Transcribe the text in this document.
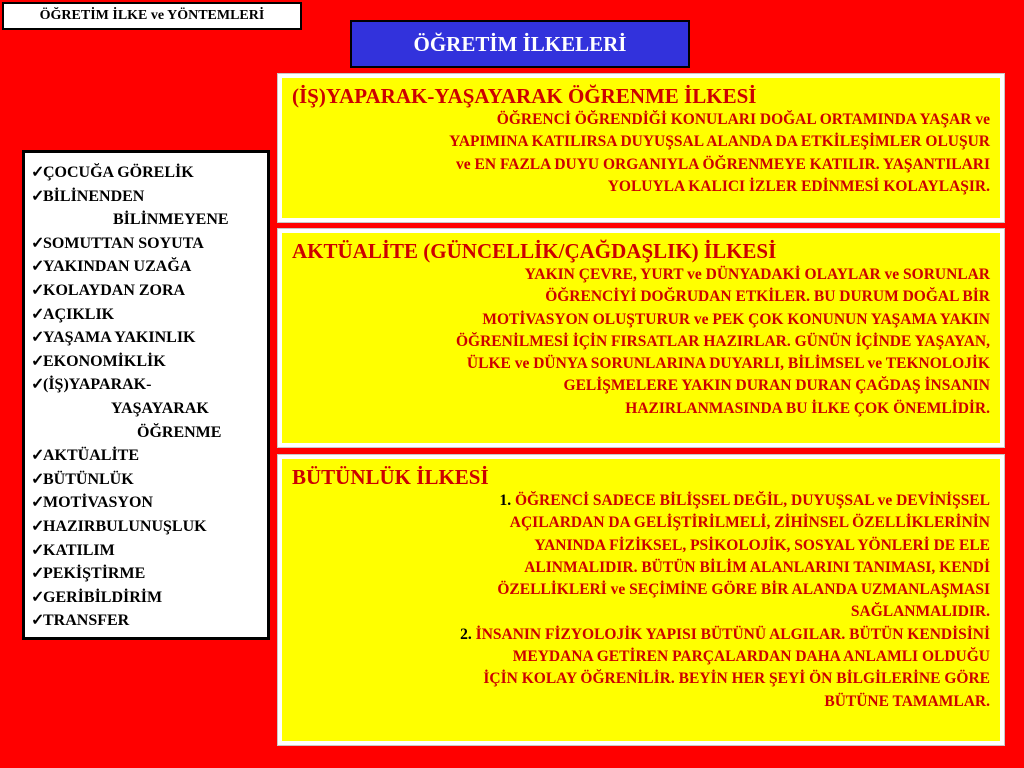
ÖĞRETİM İLKE ve YÖNTEMLERİ
ÖĞRETİM İLKELERİ
✓ÇOCUĞA GÖRELİK
✓BİLİNENDEN
BİLİNMEYENE
✓SOMUTTAN SOYUTA
✓YAKINDAN UZAĞA
✓KOLAYDAN ZORA
✓AÇIKLIK
✓YAŞAMA YAKINLIK
✓EKONOMİKLİK
✓(İŞ)YAPARAK-
YAŞAYARAK
ÖĞRENME
✓AKTÜALİTE
✓BÜTÜNLÜK
✓MOTİVASYON
✓HAZIRBULUNUŞLUK
✓KATILIM
✓PEKİŞTİRME
✓GERİBİLDİRİM
✓TRANSFER
(İŞ)YAPARAK-YAŞAYARAK ÖĞRENME İLKESİ
ÖĞRENCİ ÖĞRENDİĞİ KONULARI DOĞAL ORTAMINDA YAŞAR ve
YAPIMINA KATILIRSA DUYUŞSAL ALANDA DA ETKİLEŞİMLER OLUŞUR
ve EN FAZLA DUYU ORGANIYLA ÖĞRENMEYE KATILIR. YAŞANTILARI
YOLUYLA KALICI İZLER EDİNMESİ KOLAYLAŞIR.
AKTÜALİTE (GÜNCELLİK/ÇAĞDAŞLIK) İLKESİ
YAKIN ÇEVRE, YURT ve DÜNYADAKİ OLAYLAR ve SORUNLAR
ÖĞRENCİYİ DOĞRUDAN ETKİLER. BU DURUM DOĞAL BİR
MOTİVASYON OLUŞTURUR ve PEK ÇOK KONUNUN YAŞAMA YAKIN
ÖĞRENİLMESİ İÇİN FIRSATLAR HAZIRLAR. GÜNÜN İÇİNDE YAŞAYAN,
ÜLKE ve DÜNYA SORUNLARINA DUYARLI, BİLİMSEL ve TEKNOLOJİK
GELİŞMELERE YAKIN DURAN DURAN ÇAĞDAŞ İNSANIN
HAZIRLANMASINDA BU İLKE ÇOK ÖNEMLİDİR.
BÜTÜNLÜK İLKESİ
1. ÖĞRENCİ SADECE BİLİŞSEL DEĞİL, DUYUŞSAL ve DEVİNİŞSEL
AÇILARDAN DA GELİŞTİRİLMELİ, ZİHİNSEL ÖZELLİKLERİNİN
YANINDA FİZİKSEL, PSİKOLOJİK, SOSYAL YÖNLERİ DE ELE
ALINMALIDIR. BÜTÜN BİLİM ALANLARINI TANIMASI, KENDİ
ÖZELLİKLERİ ve SEÇİMİNE GÖRE BİR ALANDA UZMANLAŞMASI
SAĞLANMALIDIR.
2. İNSANIN FİZYOLOJİK YAPISI BÜTÜNÜ ALGILAR. BÜTÜN KENDİSİNİ
MEYDANA GETİREN PARÇALARDAN DAHA ANLAMLI OLDUĞU
İÇİN KOLAY ÖĞRENİLİR. BEYİN HER ŞEYİ ÖN BİLGİLERİNE GÖRE
BÜTÜNE TAMAMLAR.
